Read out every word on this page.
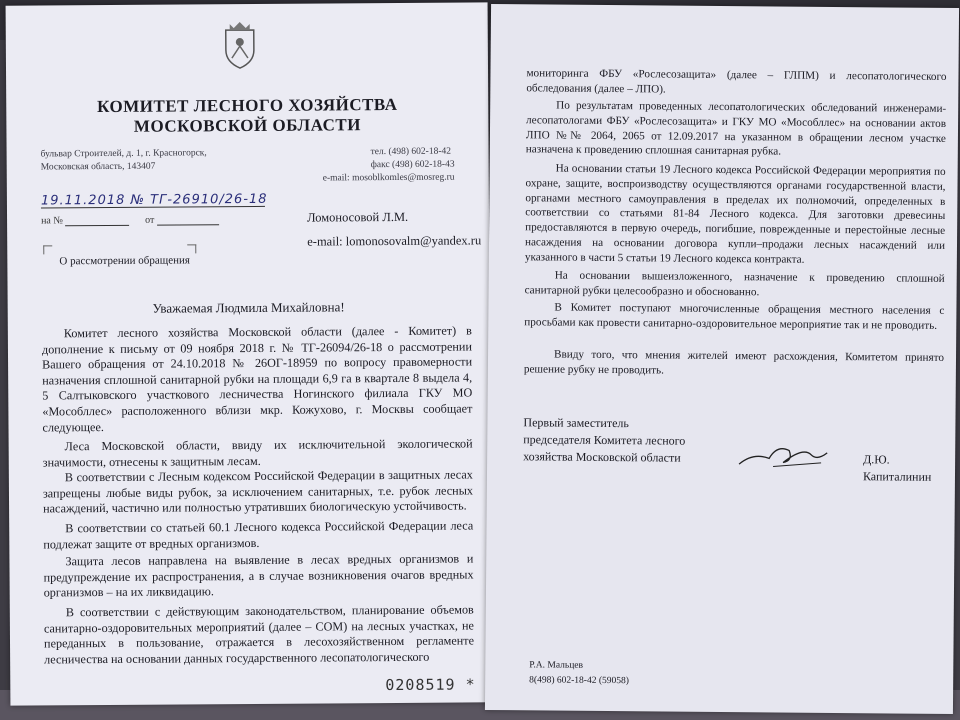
КОМИТЕТ ЛЕСНОГО ХОЗЯЙСТВА
МОСКОВСКОЙ ОБЛАСТИ
бульвар Строителей, д. 1, г. Красногорск,
Московская область, 143407
тел. (498) 602-18-42
факс (498) 602-18-43
e-mail: mosoblkomles@mosreg.ru
19.11.2018 № ТГ-26910/26-18
на №	от	Ломоносовой Л.М.
e-mail: lomonosovalm@yandex.ru
О рассмотрении обращения
Уважаемая Людмила Михайловна!
Комитет лесного хозяйства Московской области (далее - Комитет) в дополнение к письму от 09 ноября 2018 г. № ТГ-26094/26-18 о рассмотрении Вашего обращения от 24.10.2018 № 26ОГ-18959 по вопросу правомерности назначения сплошной санитарной рубки на площади 6,9 га в квартале 8 выдела 4, 5 Салтыковского участкового лесничества Ногинского филиала ГКУ МО «Мособллес» расположенного вблизи мкр. Кожухово, г. Москвы сообщает следующее.
Леса Московской области, ввиду их исключительной экологической значимости, отнесены к защитным лесам.
В соответствии с Лесным кодексом Российской Федерации в защитных лесах запрещены любые виды рубок, за исключением санитарных, т.е. рубок лесных насаждений, частично или полностью утративших биологическую устойчивость.
В соответствии со статьей 60.1 Лесного кодекса Российской Федерации леса подлежат защите от вредных организмов.
Защита лесов направлена на выявление в лесах вредных организмов и предупреждение их распространения, а в случае возникновения очагов вредных организмов – на их ликвидацию.
В соответствии с действующим законодательством, планирование объемов санитарно-оздоровительных мероприятий (далее – СОМ) на лесных участках, не переданных в пользование, отражается в лесохозяйственном регламенте лесничества на основании данных государственного лесопатологического
0208519 *
мониторинга ФБУ «Рослесозащита» (далее – ГЛПМ) и лесопатологического обследования (далее – ЛПО).
По результатам проведенных лесопатологических обследований инженерами-лесопатологами ФБУ «Рослесозащита» и ГКУ МО «Мособллес» на основании актов ЛПО №№ 2064, 2065 от 12.09.2017 на указанном в обращении лесном участке назначена к проведению сплошная санитарная рубка.
На основании статьи 19 Лесного кодекса Российской Федерации мероприятия по охране, защите, воспроизводству осуществляются органами государственной власти, органами местного самоуправления в пределах их полномочий, определенных в соответствии со статьями 81-84 Лесного кодекса. Для заготовки древесины предоставляются в первую очередь, погибшие, поврежденные и перестойные лесные насаждения на основании договора купли–продажи лесных насаждений или указанного в части 5 статьи 19 Лесного кодекса контракта.
На основании вышеизложенного, назначение к проведению сплошной санитарной рубки целесообразно и обоснованно.
В Комитет поступают многочисленные обращения местного населения с просьбами как провести санитарно-оздоровительное мероприятие так и не проводить.
Ввиду того, что мнения жителей имеют расхождения, Комитетом принято решение рубку не проводить.
Первый заместитель
председателя Комитета лесного
хозяйства Московской области	Д.Ю. Капиталинин
Р.А. Мальцев
8(498) 602-18-42 (59058)
